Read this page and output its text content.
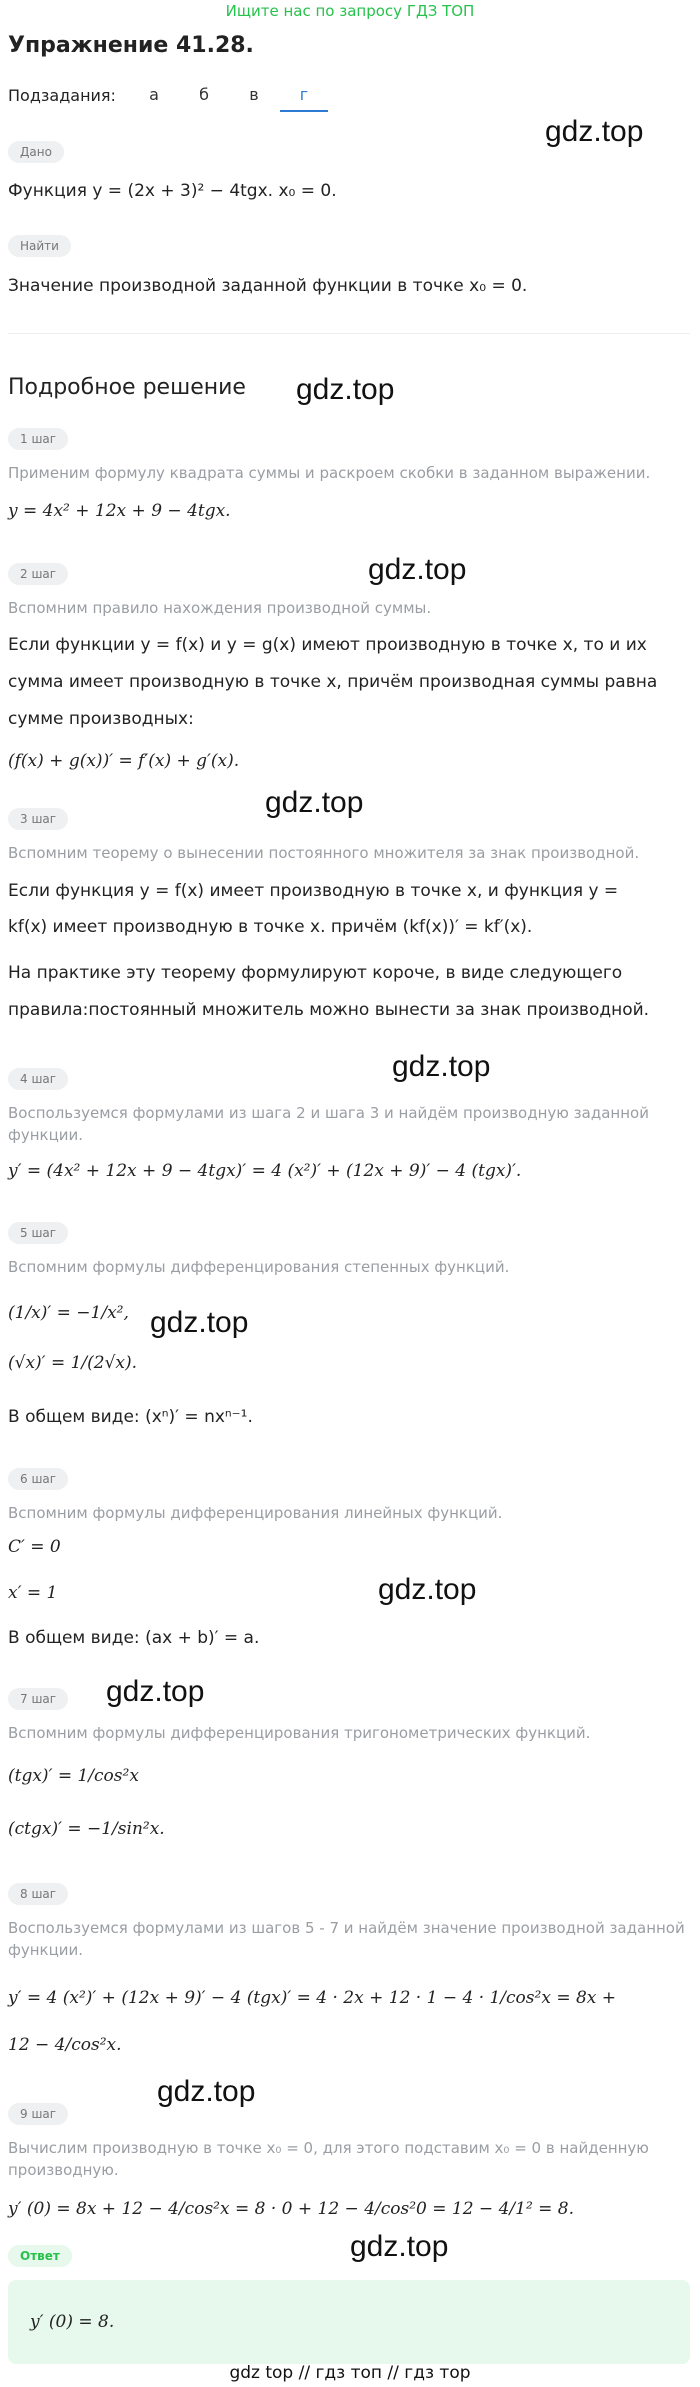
Ищите нас по запросу ГДЗ ТОП
Упражнение 41.28.
Подзадания:	а	б	в	г
gdz.top
Дано
Функция y = (2x + 3)² − 4tgx. x₀ = 0.
Найти
Значение производной заданной функции в точке x₀ = 0.
Подробное решение gdz.top
1 шаг
Применим формулу квадрата суммы и раскроем скобки в заданном выражении.
y = 4x² + 12x + 9 − 4tgx.
2 шаг	gdz.top
Вспомним правило нахождения производной суммы.
Если функции y = f(x) и y = g(x) имеют производную в точке x, то и их
сумма имеет производную в точке x, причём производная суммы равна
сумме производных:
(f(x) + g(x))′ = f′(x) + g′(x).
gdz.top
3 шаг
Вспомним теорему о вынесении постоянного множителя за знак производной.
Если функция y = f(x) имеет производную в точке x, и функция y =
kf(x) имеет производную в точке x. причём (kf(x))′ = kf′(x).
На практике эту теорему формулируют короче, в виде следующего
правила:постоянный множитель можно вынести за знак производной.
gdz.top
4 шаг
Воспользуемся формулами из шага 2 и шага 3 и найдём производную заданной
функции.
y′ = (4x² + 12x + 9 − 4tgx)′ = 4 (x²)′ + (12x + 9)′ − 4 (tgx)′.
5 шаг
Вспомним формулы дифференцирования степенных функций.
(1/x)′ = −1/x², gdz.top
(√x)′ = 1/(2√x).
В общем виде: (xⁿ)′ = nxⁿ⁻¹.
6 шаг
Вспомним формулы дифференцирования линейных функций.
C′ = 0
gdz.top
x′ = 1
В общем виде: (ax + b)′ = a.
gdz.top
7 шаг
Вспомним формулы дифференцирования тригонометрических функций.
(tgx)′ = 1/cos²x
(ctgx)′ = −1/sin²x.
8 шаг
Воспользуемся формулами из шагов 5 - 7 и найдём значение производной заданной
функции.
y′ = 4 (x²)′ + (12x + 9)′ − 4 (tgx)′ = 4 · 2x + 12 · 1 − 4 · 1/cos²x = 8x +
12 − 4/cos²x.
gdz.top
9 шаг
Вычислим производную в точке x₀ = 0, для этого подставим x₀ = 0 в найденную
производную.
y′ (0) = 8x + 12 − 4/cos²x = 8 · 0 + 12 − 4/cos²0 = 12 − 4/1² = 8.
gdz.top
Ответ
y′ (0) = 8.
gdz top // гдз топ // гдз тор
